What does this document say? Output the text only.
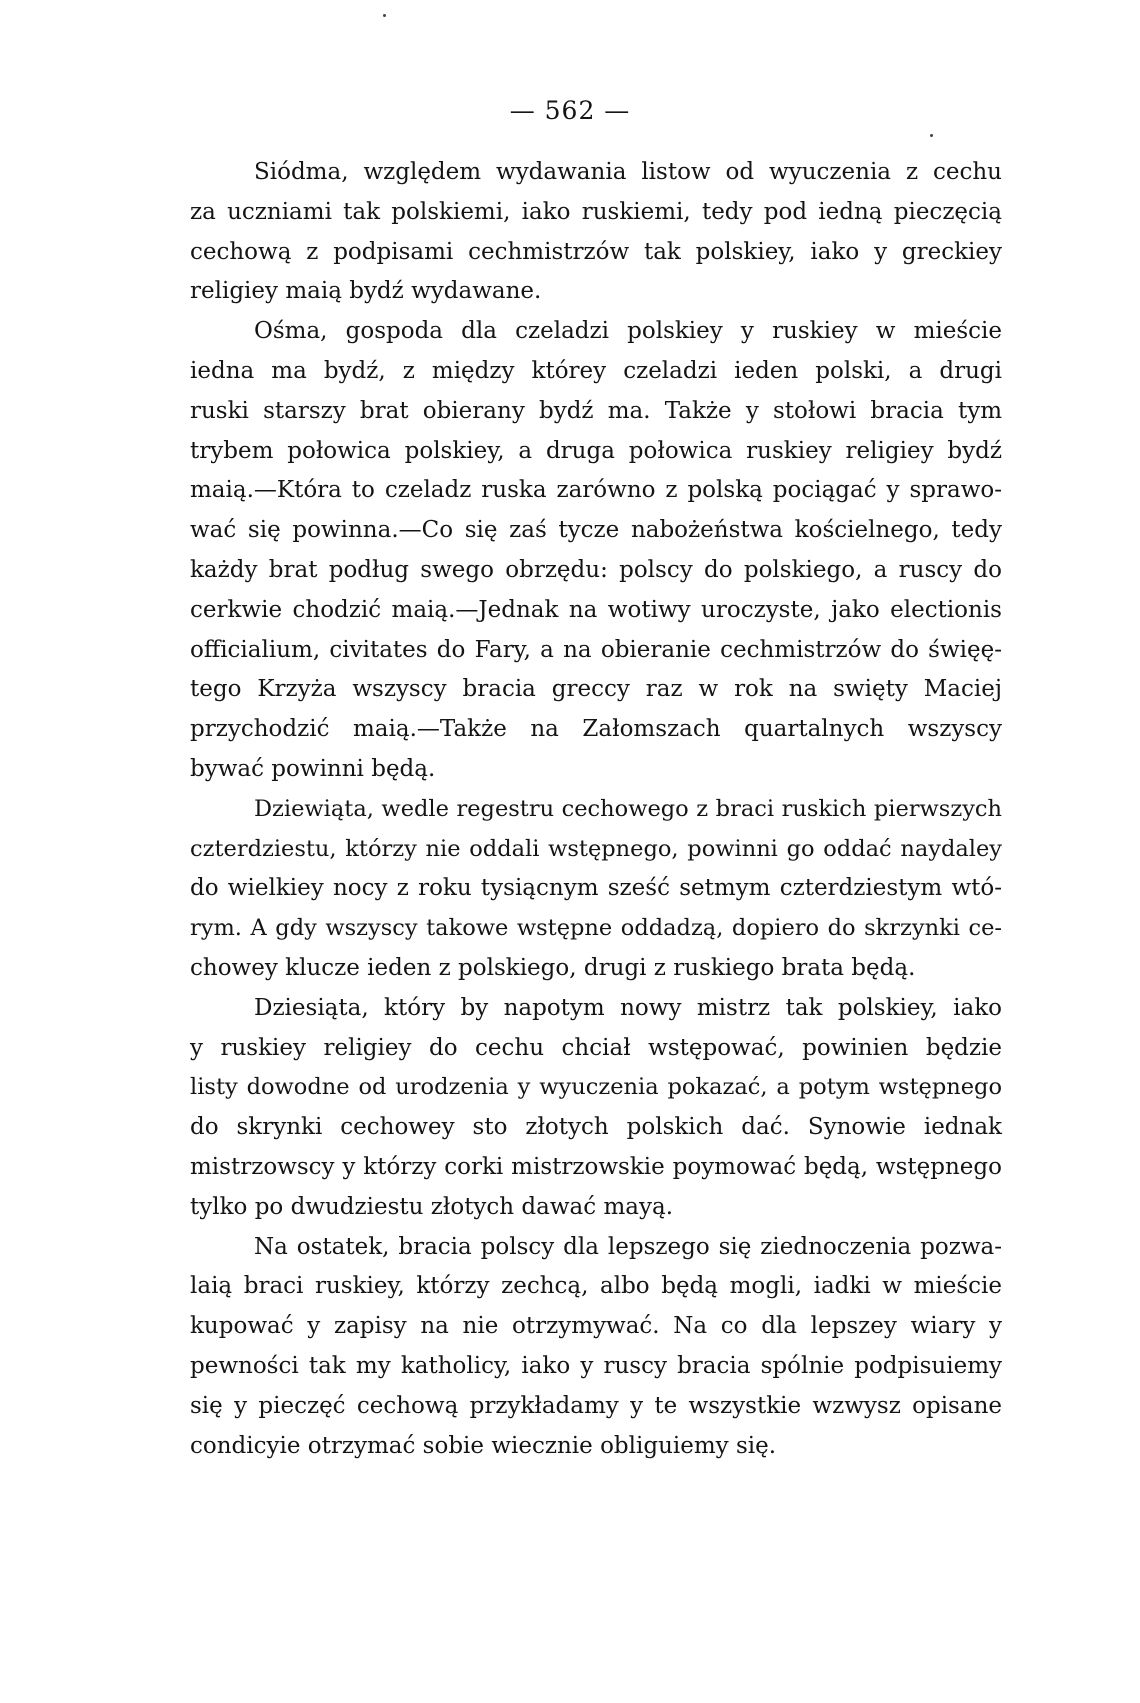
— 562 —
Siódma, względem wydawania listow od wyuczenia z cechu
za uczniami tak polskiemi, iako ruskiemi, tedy pod iedną pieczęcią
cechową z podpisami cechmistrzów tak polskiey, iako y greckiey
religiey maią bydź wydawane.
Ośma, gospoda dla czeladzi polskiey y ruskiey w mieście
iedna ma bydź, z między którey czeladzi ieden polski, a drugi
ruski starszy brat obierany bydź ma. Także y stołowi bracia tym
trybem połowica polskiey, a druga połowica ruskiey religiey bydź
maią.—Która to czeladz ruska zarówno z polską pociągać y sprawo-
wać się powinna.—Co się zaś tycze nabożeństwa kościelnego, tedy
każdy brat podług swego obrzędu: polscy do polskiego, a ruscy do
cerkwie chodzić maią.—Jednak na wotiwy uroczyste, jako electionis
officialium, civitates do Fary, a na obieranie cechmistrzów do święę-
tego Krzyża wszyscy bracia greccy raz w rok na swięty Maciej
przychodzić maią.—Także na Załomszach quartalnych wszyscy
bywać powinni będą.
Dziewiąta, wedle regestru cechowego z braci ruskich pierwszych
czterdziestu, którzy nie oddali wstępnego, powinni go oddać naydaley
do wielkiey nocy z roku tysiącnym sześć setmym czterdziestym wtó-
rym. A gdy wszyscy takowe wstępne oddadzą, dopiero do skrzynki ce-
chowey klucze ieden z polskiego, drugi z ruskiego brata będą.
Dziesiąta, który by napotym nowy mistrz tak polskiey, iako
y ruskiey religiey do cechu chciał wstępować, powinien będzie
listy dowodne od urodzenia y wyuczenia pokazać, a potym wstępnego
do skrynki cechowey sto złotych polskich dać. Synowie iednak
mistrzowscy y którzy corki mistrzowskie poymować będą, wstępnego
tylko po dwudziestu złotych dawać mayą.
Na ostatek, bracia polscy dla lepszego się ziednoczenia pozwa-
laią braci ruskiey, którzy zechcą, albo będą mogli, iadki w mieście
kupować y zapisy na nie otrzymywać. Na co dla lepszey wiary y
pewności tak my katholicy, iako y ruscy bracia spólnie podpisuiemy
się y pieczęć cechową przykładamy y te wszystkie wzwysz opisane
condicyie otrzymać sobie wiecznie obliguiemy się.
